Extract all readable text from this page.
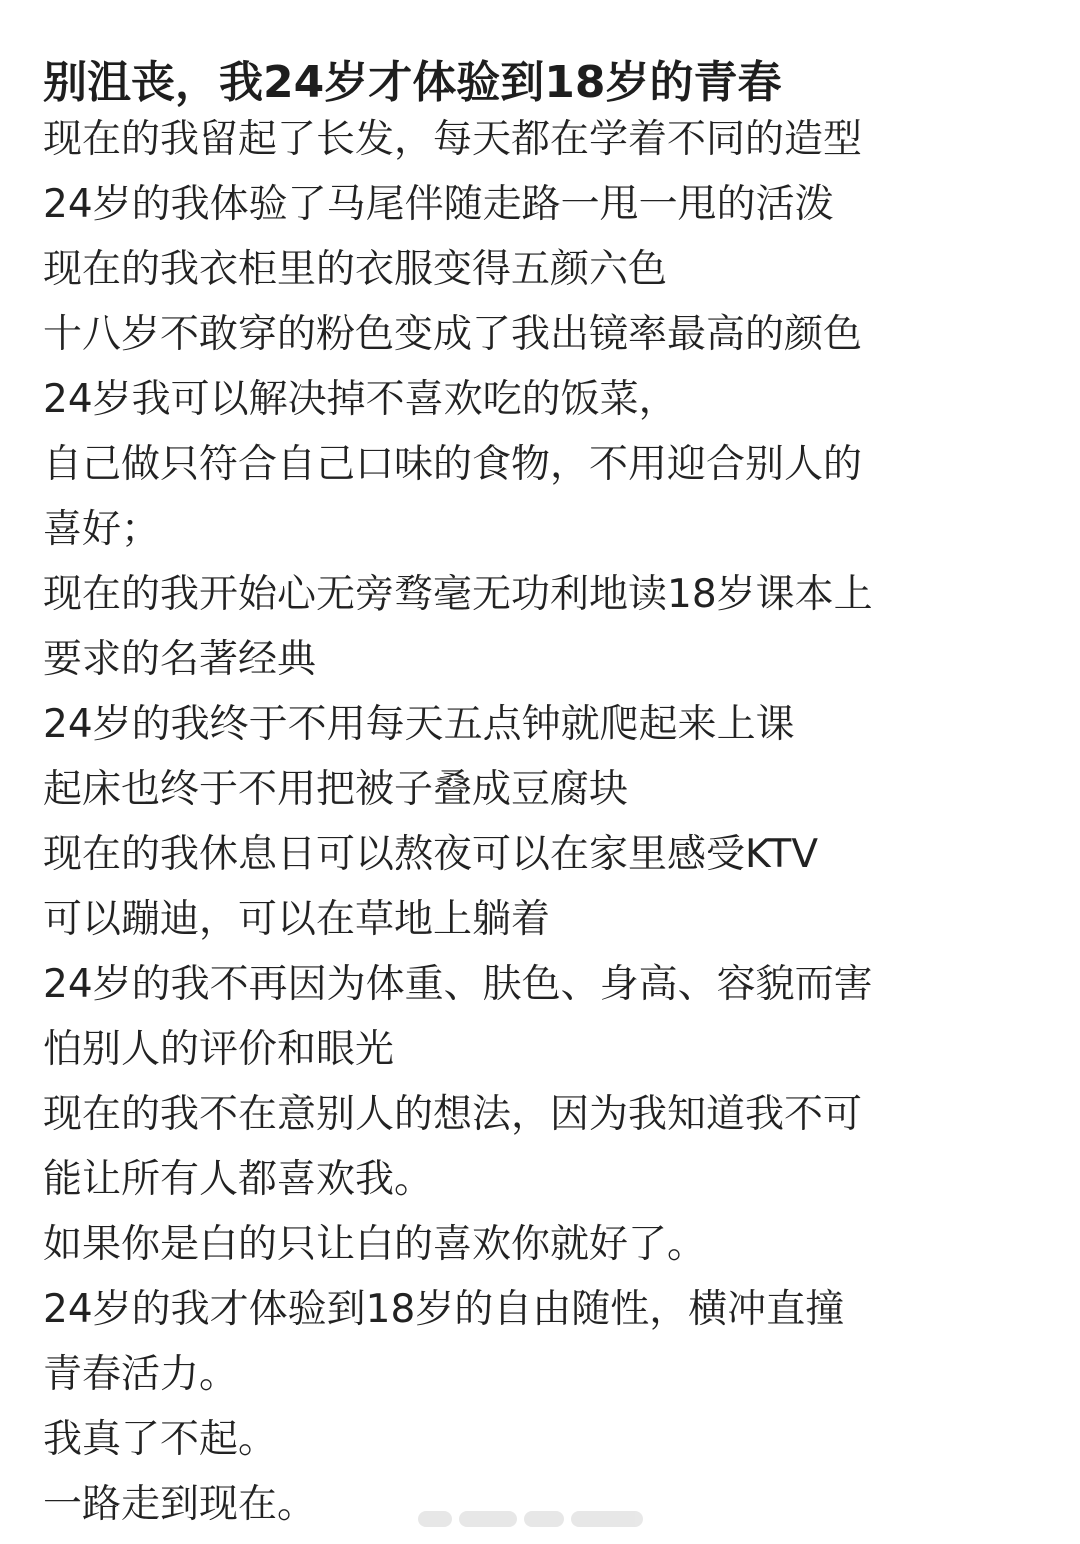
别沮丧，我24岁才体验到18岁的青春
现在的我留起了长发，每天都在学着不同的造型
24岁的我体验了马尾伴随走路一甩一甩的活泼
现在的我衣柜里的衣服变得五颜六色
十八岁不敢穿的粉色变成了我出镜率最高的颜色
24岁我可以解决掉不喜欢吃的饭菜，
自己做只符合自己口味的食物，不用迎合别人的
喜好；
现在的我开始心无旁骛毫无功利地读18岁课本上
要求的名著经典
24岁的我终于不用每天五点钟就爬起来上课
起床也终于不用把被子叠成豆腐块
现在的我休息日可以熬夜可以在家里感受KTV
可以蹦迪，可以在草地上躺着
24岁的我不再因为体重、肤色、身高、容貌而害
怕别人的评价和眼光
现在的我不在意别人的想法，因为我知道我不可
能让所有人都喜欢我。
如果你是白的只让白的喜欢你就好了。
24岁的我才体验到18岁的自由随性，横冲直撞
青春活力。
我真了不起。
一路走到现在。
